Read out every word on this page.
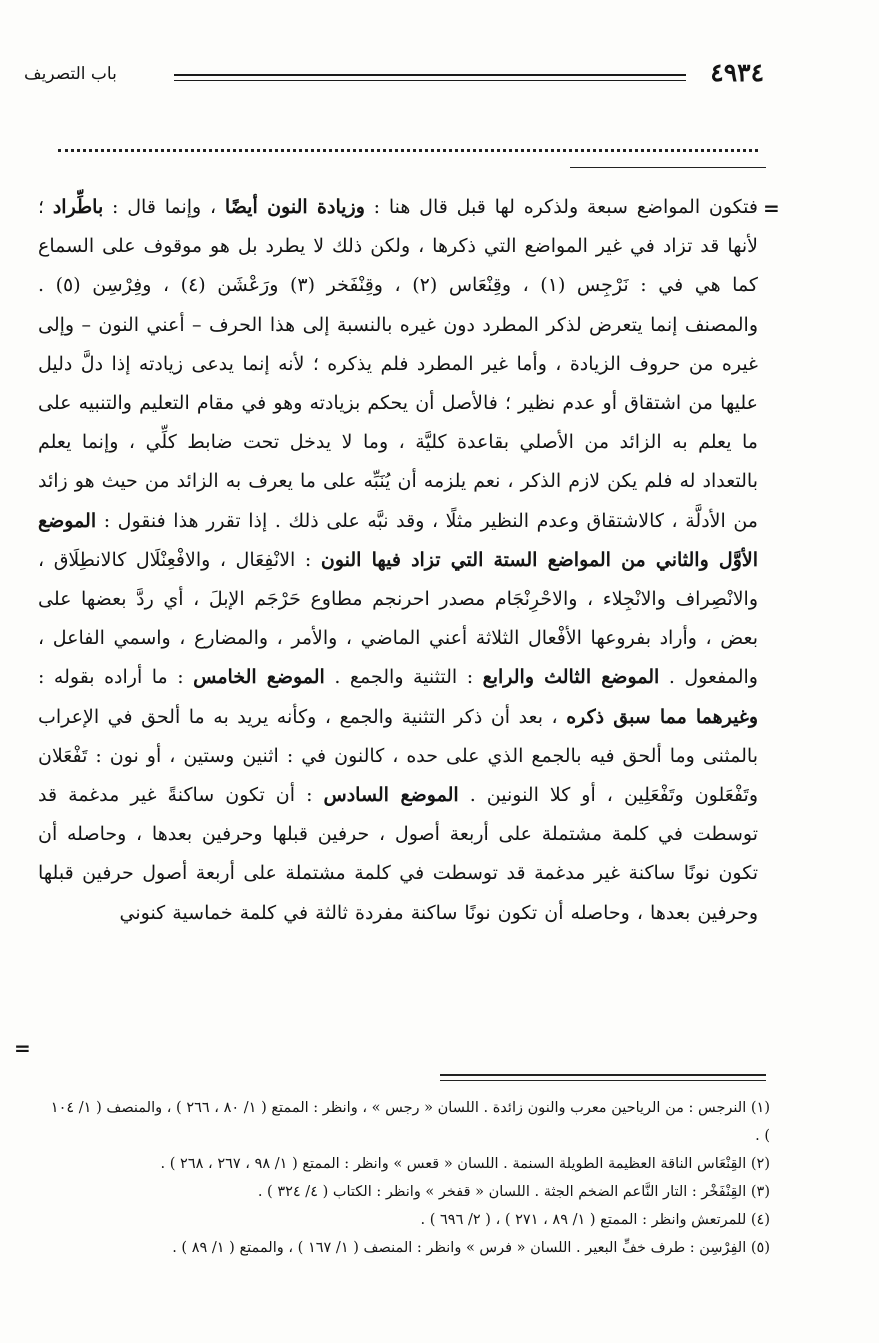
٤٩٣٤
باب التصريف
=
فتكون المواضع سبعة ولذكره لها قبل قال هنا : وزيادة النون أيضًا ، وإنما قال : باطِّراد ؛ لأنها قد تزاد في غير المواضع التي ذكرها ، ولكن ذلك لا يطرد بل هو موقوف على السماع كما هي في : نَرْجِس (١) ، وقِنْعَاس (٢) ، وقِنْفَخر (٣) ورَعْشَن (٤) ، وفِرْسِن (٥) . والمصنف إنما يتعرض لذكر المطرد دون غيره بالنسبة إلى هذا الحرف – أعني النون – وإلى غيره من حروف الزيادة ، وأما غير المطرد فلم يذكره ؛ لأنه إنما يدعى زيادته إذا دلَّ دليل عليها من اشتقاق أو عدم نظير ؛ فالأصل أن يحكم بزيادته وهو في مقام التعليم والتنبيه على ما يعلم به الزائد من الأصلي بقاعدة كليَّة ، وما لا يدخل تحت ضابط كلِّي ، وإنما يعلم بالتعداد له فلم يكن لازم الذكر ، نعم يلزمه أن يُنَبِّه على ما يعرف به الزائد من حيث هو زائد من الأدلَّة ، كالاشتقاق وعدم النظير مثلًا ، وقد نبَّه على ذلك . إذا تقرر هذا فنقول : الموضع الأوَّل والثاني من المواضع الستة التي تزاد فيها النون : الانْفِعَال ، والافْعِنْلَال كالانطِلَاق ، والانْصِراف والانْجِلاء ، والاحْرِنْجَام مصدر احرنجم مطاوع حَرْجَم الإبلَ ، أي ردَّ بعضها على بعض ، وأراد بفروعها الأفْعال الثلاثة أعني الماضي ، والأمر ، والمضارع ، واسمي الفاعل ، والمفعول . الموضع الثالث والرابع : التثنية والجمع . الموضع الخامس : ما أراده بقوله : وغيرهما مما سبق ذكره ، بعد أن ذكر التثنية والجمع ، وكأنه يريد به ما ألحق في الإعراب بالمثنى وما ألحق فيه بالجمع الذي على حده ، كالنون في : اثنين وستين ، أو نون : تَفْعَلان وتَفْعَلون وتَفْعَلِين ، أو كلا النونين . الموضع السادس : أن تكون ساكنةً غير مدغمة قد توسطت في كلمة مشتملة على أربعة أصول ، حرفين قبلها وحرفين بعدها ، وحاصله أن تكون نونًا ساكنة غير مدغمة قد توسطت في كلمة مشتملة على أربعة أصول حرفين قبلها وحرفين بعدها ، وحاصله أن تكون نونًا ساكنة مفردة ثالثة في كلمة خماسية كنوني
=

(١) النرجس : من الرياحين معرب والنون زائدة . اللسان « رجس » ، وانظر : الممتع ( ١/ ٨٠ ، ٢٦٦ ) ، والمنصف ( ١/ ١٠٤ ) .

(٢) القِنْعَاس الناقة العظيمة الطويلة السنمة . اللسان « قعس » وانظر : الممتع ( ١/ ٩٨ ، ٢٦٧ ، ٢٦٨ ) .

(٣) القِنْفَخْر : التار النَّاعم الضخم الجثة . اللسان « قفخر » وانظر : الكتاب ( ٤/ ٣٢٤ ) .

(٤) للمرتعش وانظر : الممتع ( ١/ ٨٩ ، ٢٧١ ) ، ( ٢/ ٦٩٦ ) .

(٥) الفِرْسِن : طرف خفِّ البعير . اللسان « فرس » وانظر : المنصف ( ١/ ١٦٧ ) ، والممتع ( ١/ ٨٩ ) .
